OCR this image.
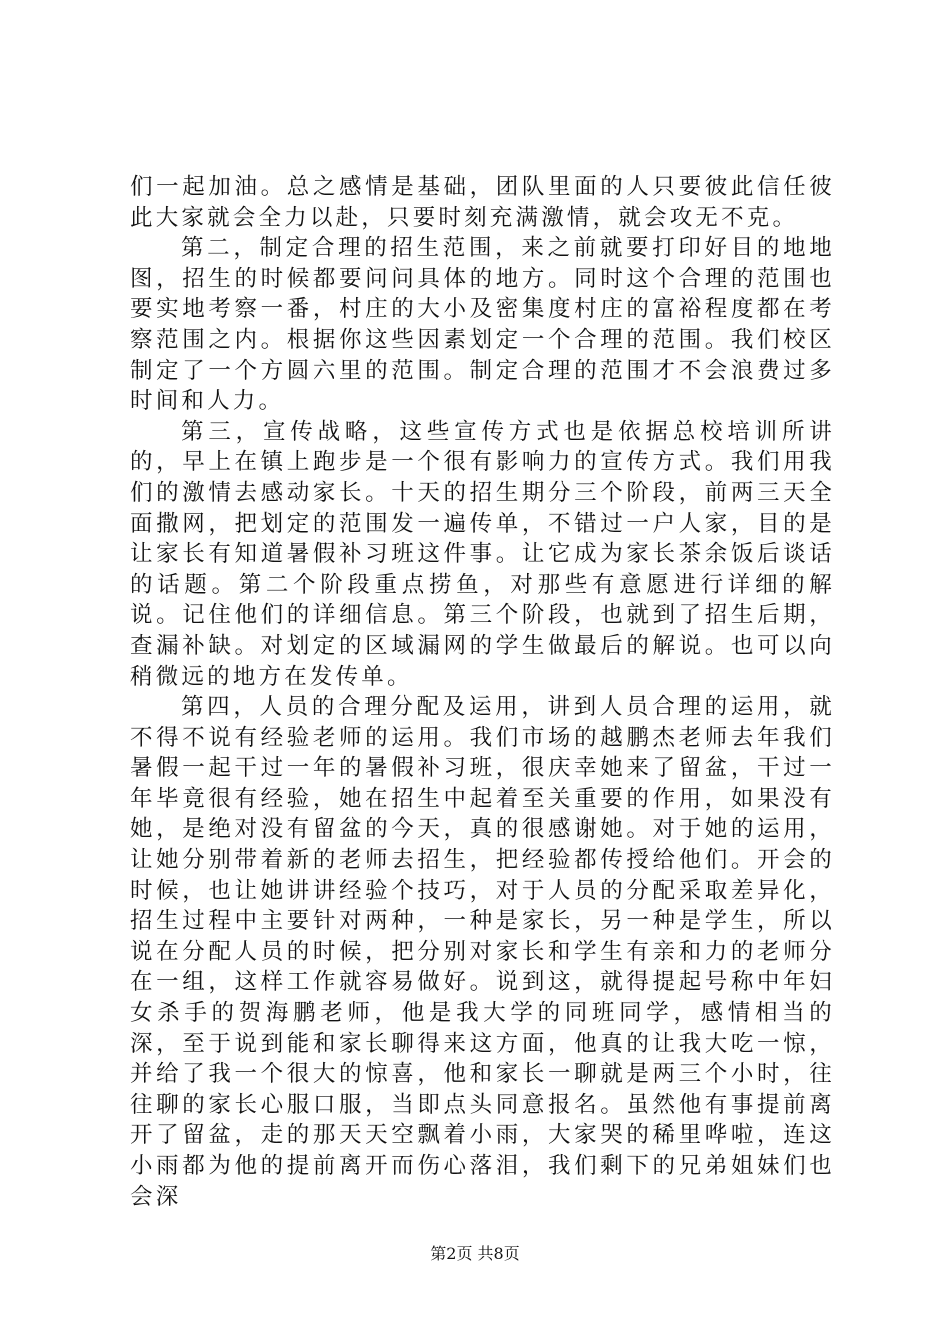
们一起加油。总之感情是基础，团队里面的人只要彼此信任彼此大家就会全力以赴，只要时刻充满激情，就会攻无不克。

第二，制定合理的招生范围，来之前就要打印好目的地地图，招生的时候都要问问具体的地方。同时这个合理的范围也要实地考察一番，村庄的大小及密集度村庄的富裕程度都在考察范围之内。根据你这些因素划定一个合理的范围。我们校区制定了一个方圆六里的范围。制定合理的范围才不会浪费过多时间和人力。

第三，宣传战略，这些宣传方式也是依据总校培训所讲的，早上在镇上跑步是一个很有影响力的宣传方式。我们用我们的激情去感动家长。十天的招生期分三个阶段，前两三天全面撒网，把划定的范围发一遍传单，不错过一户人家，目的是让家长有知道暑假补习班这件事。让它成为家长茶余饭后谈话的话题。第二个阶段重点捞鱼，对那些有意愿进行详细的解说。记住他们的详细信息。第三个阶段，也就到了招生后期，查漏补缺。对划定的区域漏网的学生做最后的解说。也可以向稍微远的地方在发传单。

第四，人员的合理分配及运用，讲到人员合理的运用，就不得不说有经验老师的运用。我们市场的越鹏杰老师去年我们暑假一起干过一年的暑假补习班，很庆幸她来了留盆，干过一年毕竟很有经验，她在招生中起着至关重要的作用，如果没有她，是绝对没有留盆的今天，真的很感谢她。对于她的运用，让她分别带着新的老师去招生，把经验都传授给他们。开会的时候，也让她讲讲经验个技巧，对于人员的分配采取差异化，招生过程中主要针对两种，一种是家长，另一种是学生，所以说在分配人员的时候，把分别对家长和学生有亲和力的老师分在一组，这样工作就容易做好。说到这，就得提起号称中年妇女杀手的贺海鹏老师，他是我大学的同班同学，感情相当的深，至于说到能和家长聊得来这方面，他真的让我大吃一惊，并给了我一个很大的惊喜，他和家长一聊就是两三个小时，往往聊的家长心服口服，当即点头同意报名。虽然他有事提前离开了留盆，走的那天天空飘着小雨，大家哭的稀里哗啦，连这小雨都为他的提前离开而伤心落泪，我们剩下的兄弟姐妹们也会深

第2页 共8页
